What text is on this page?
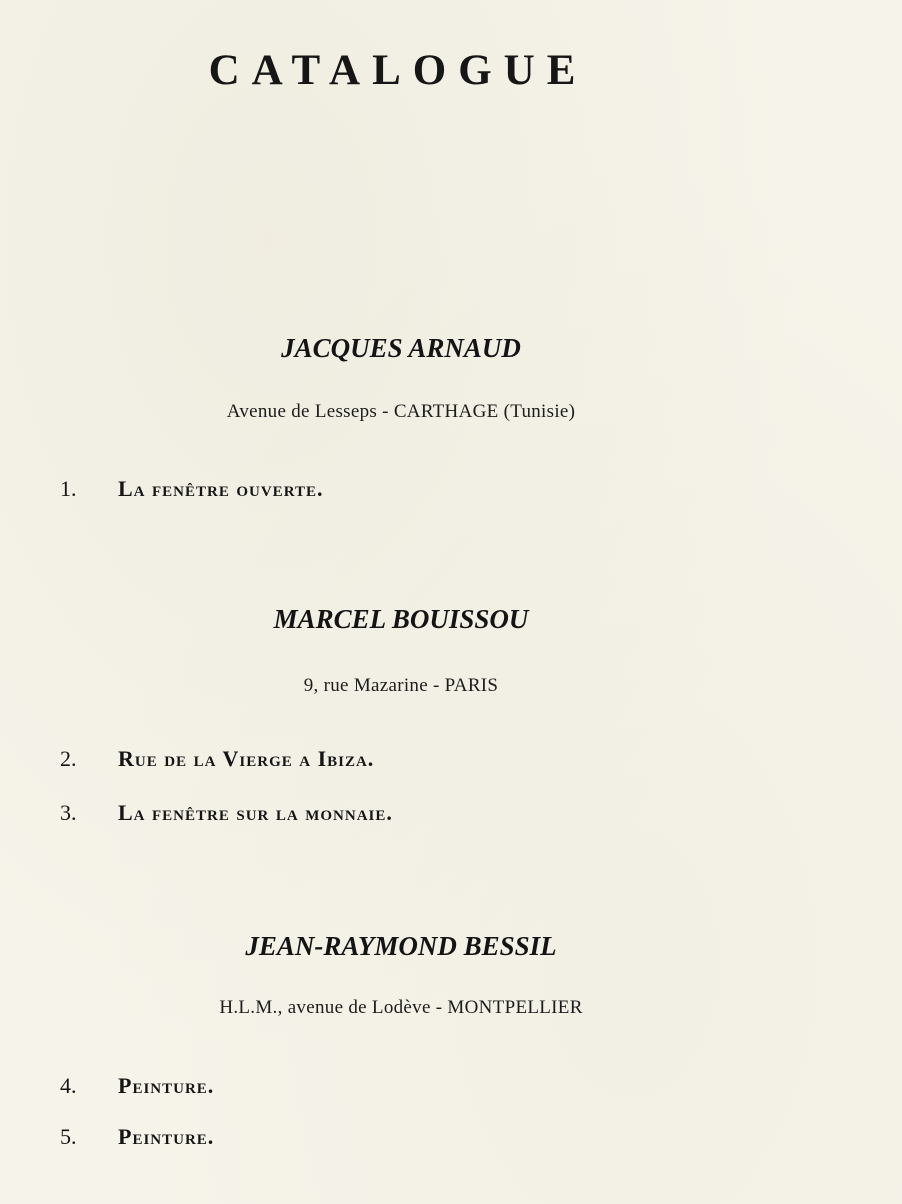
CATALOGUE
JACQUES ARNAUD
Avenue de Lesseps - CARTHAGE (Tunisie)
1. La fenêtre ouverte.
MARCEL BOUISSOU
9, rue Mazarine - PARIS
2. Rue de la Vierge a Ibiza.
3. La fenêtre sur la monnaie.
JEAN-RAYMOND BESSIL
H.L.M., avenue de Lodève - MONTPELLIER
4. Peinture.
5. Peinture.
